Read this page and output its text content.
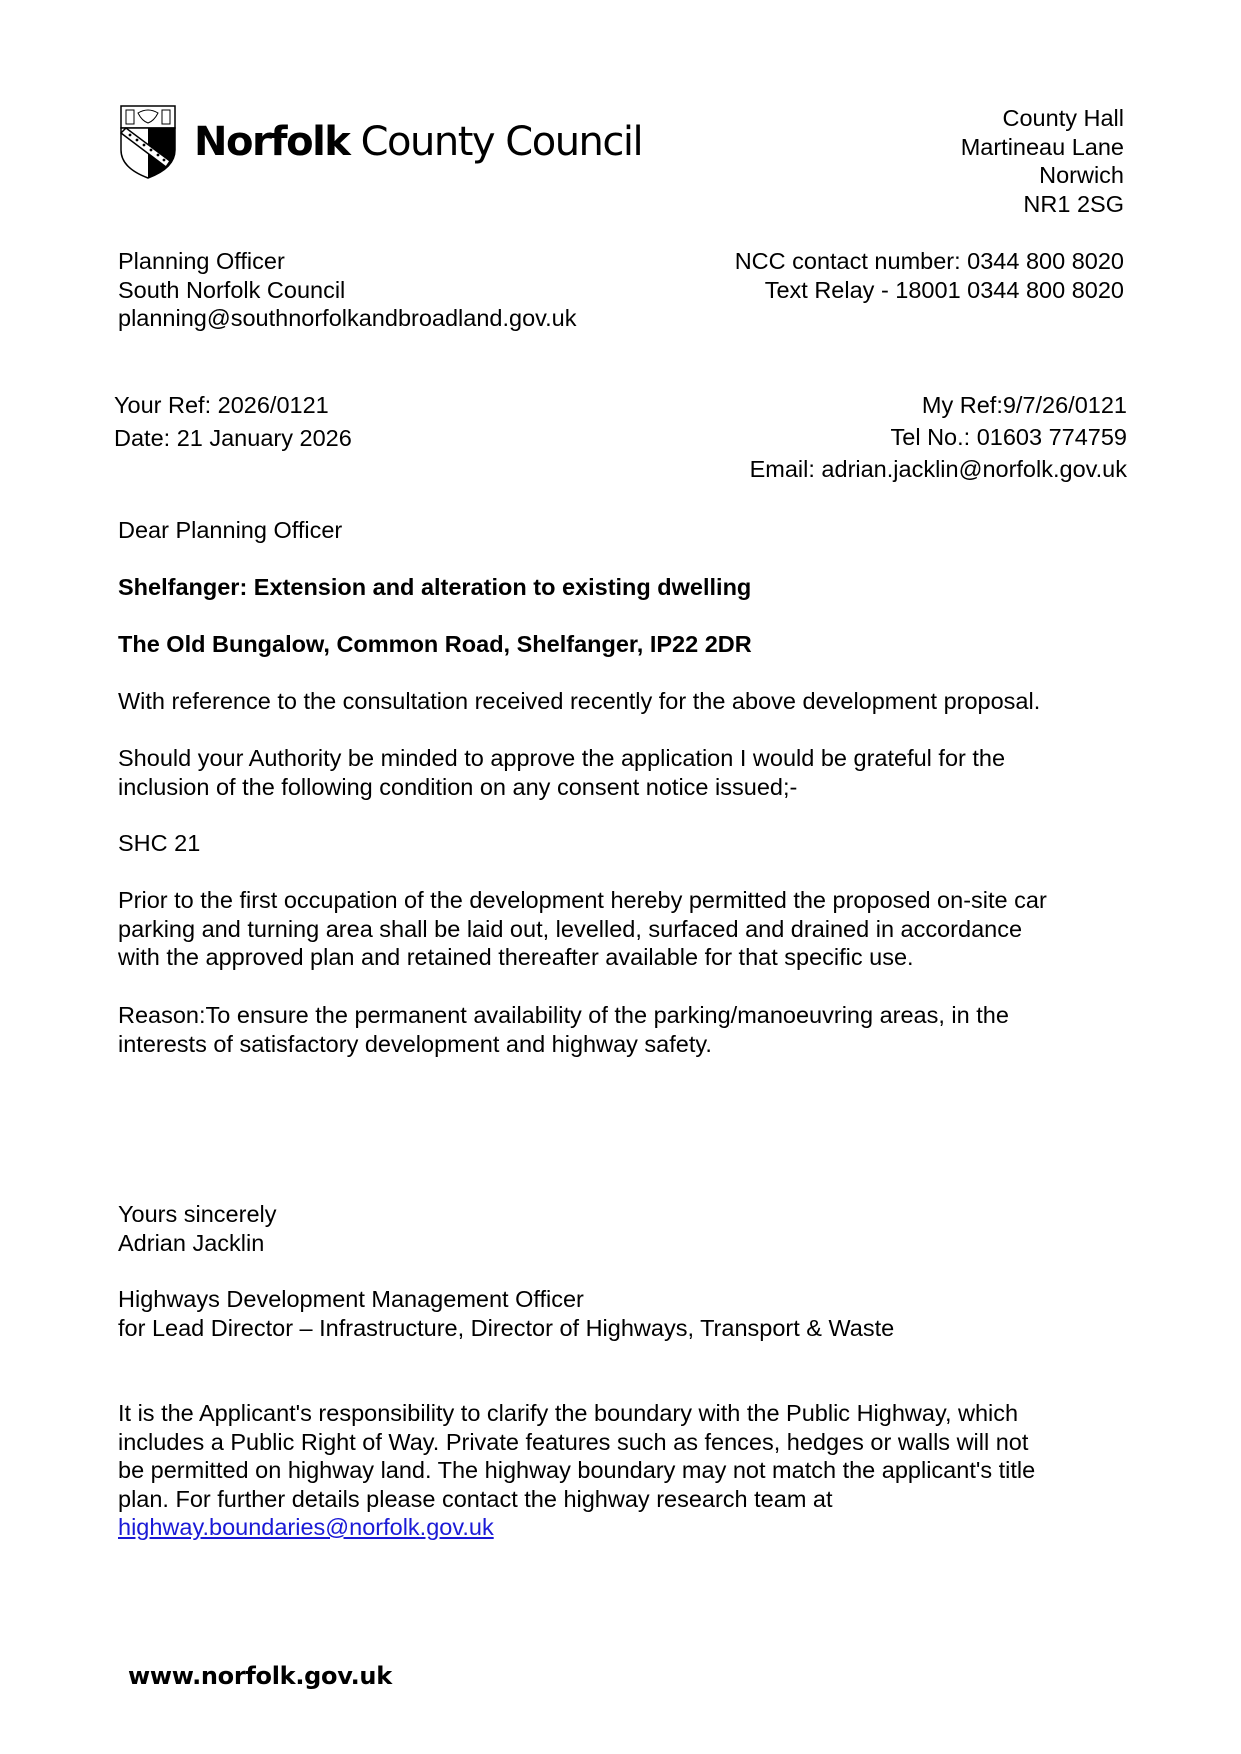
Norfolk County Council
County Hall
Martineau Lane
Norwich
NR1 2SG
NCC contact number: 0344 800 8020
Text Relay - 18001 0344 800 8020
Planning Officer
South Norfolk Council
planning@southnorfolkandbroadland.gov.uk
Your Ref: 2026/0121
Date: 21 January 2026
My Ref:9/7/26/0121
Tel No.: 01603 774759
Email: adrian.jacklin@norfolk.gov.uk
Dear Planning Officer
Shelfanger: Extension and alteration to existing dwelling
The Old Bungalow, Common Road, Shelfanger, IP22 2DR
With reference to the consultation received recently for the above development proposal.
Should your Authority be minded to approve the application I would be grateful for the
inclusion of the following condition on any consent notice issued;-
SHC 21
Prior to the first occupation of the development hereby permitted the proposed on-site car
parking and turning area shall be laid out, levelled, surfaced and drained in accordance
with the approved plan and retained thereafter available for that specific use.
Reason:To ensure the permanent availability of the parking/manoeuvring areas, in the
interests of satisfactory development and highway safety.
Yours sincerely
Adrian Jacklin
Highways Development Management Officer
for Lead Director – Infrastructure, Director of Highways, Transport & Waste
It is the Applicant's responsibility to clarify the boundary with the Public Highway, which
includes a Public Right of Way. Private features such as fences, hedges or walls will not
be permitted on highway land. The highway boundary may not match the applicant's title
plan. For further details please contact the highway research team at
highway.boundaries@norfolk.gov.uk
www.norfolk.gov.uk
